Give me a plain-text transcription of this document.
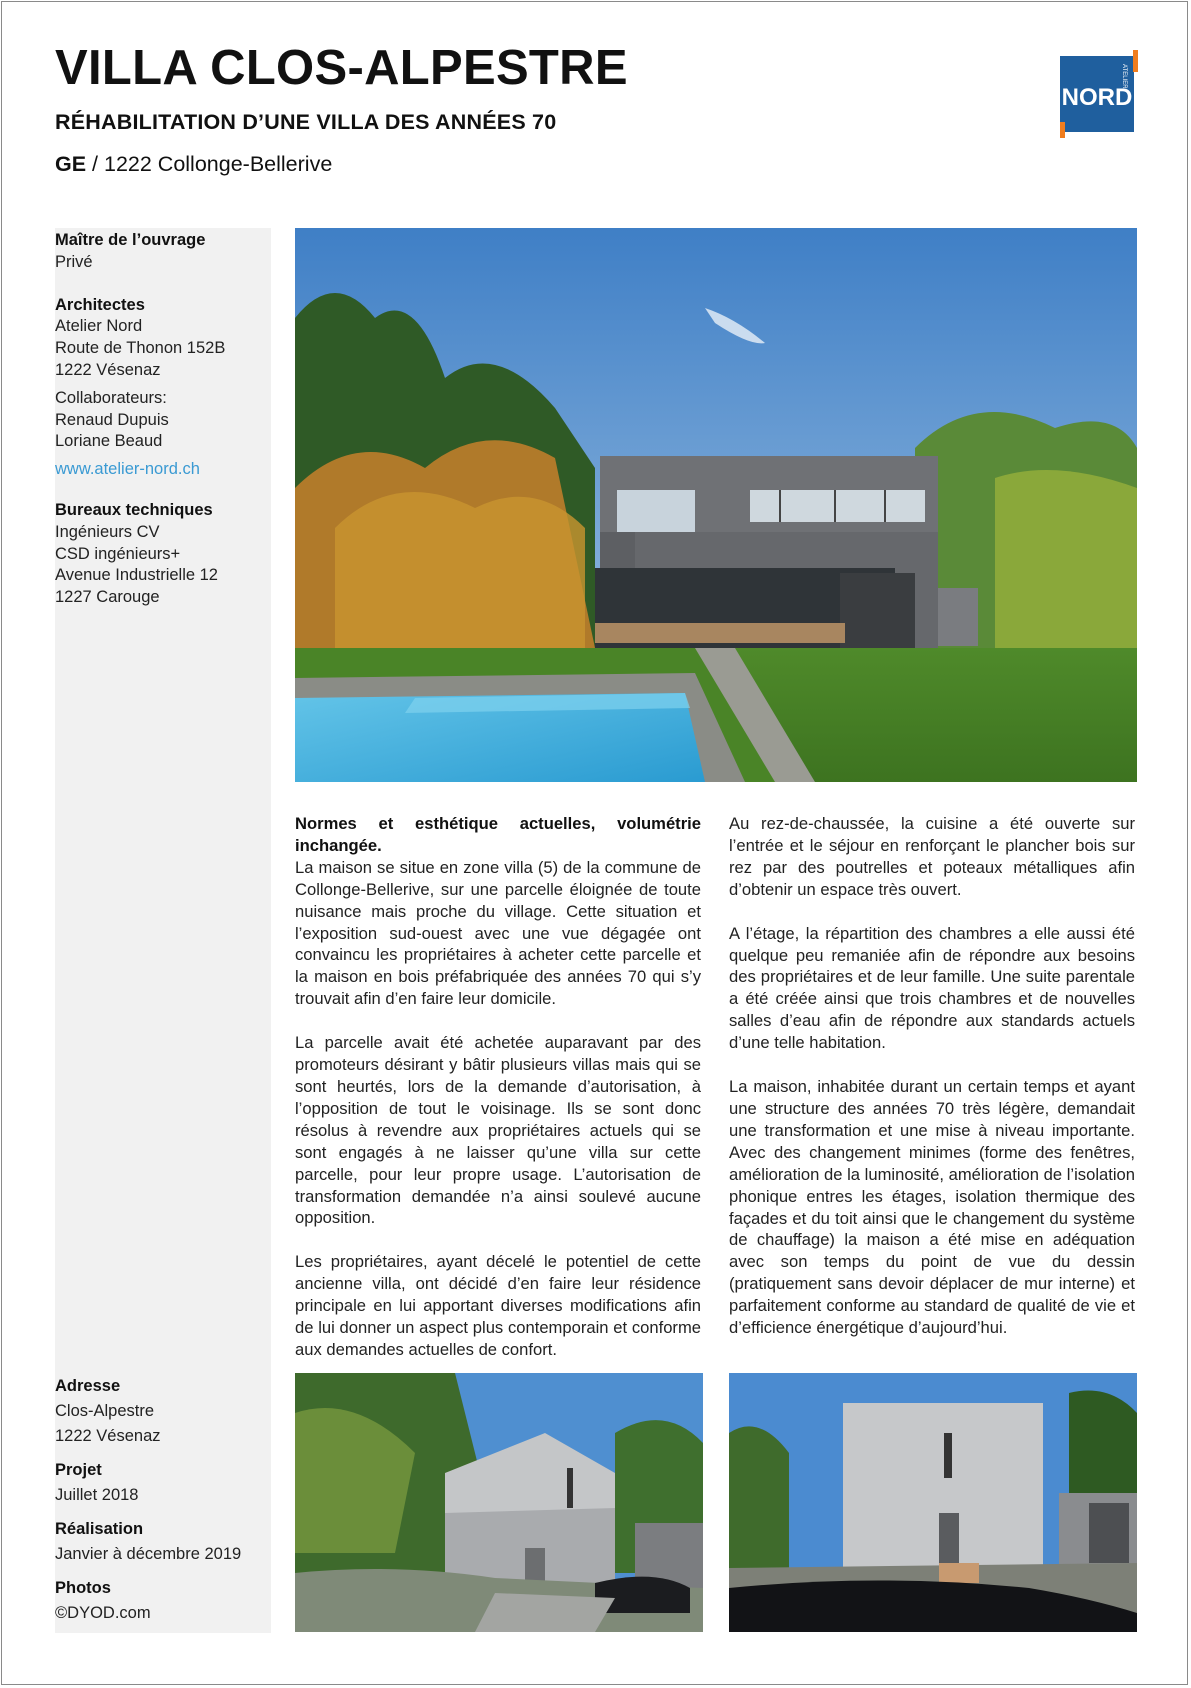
VILLA CLOS-ALPESTRE
RÉHABILITATION D’UNE VILLA DES ANNÉES 70
GE / 1222 Collonge-Bellerive
ATELIER
NORD
Maître de l’ouvrage
Privé
Architectes
Atelier Nord
Route de Thonon 152B
1222 Vésenaz
Collaborateurs:
Renaud Dupuis
Loriane Beaud
www.atelier-nord.ch
Bureaux techniques
Ingénieurs CV
CSD ingénieurs+
Avenue Industrielle 12
1227 Carouge
Adresse
Clos-Alpestre
1222 Vésenaz
Projet
Juillet 2018
Réalisation
Janvier à décembre 2019
Photos
©DYOD.com

Normes et esthétique actuelles, volumétrie inchangée.
La maison se situe en zone villa (5) de la commune de Collonge-Bellerive, sur une parcelle éloignée de toute nuisance mais proche du village. Cette situation et l’exposition sud-ouest avec une vue dégagée ont convaincu les propriétaires à acheter cette parcelle et la maison en bois préfabriquée des années 70 qui s’y trouvait afin d’en faire leur domicile.

La parcelle avait été achetée auparavant par des promoteurs désirant y bâtir plusieurs villas mais qui se sont heurtés, lors de la demande d’autorisation, à l’opposition de tout le voisinage. Ils se sont donc résolus à revendre aux propriétaires actuels qui se sont engagés à ne laisser qu’une villa sur cette parcelle, pour leur propre usage. L’autorisation de transformation demandée n’a ainsi soulevé aucune opposition.

Les propriétaires, ayant décelé le potentiel de cette ancienne villa, ont décidé d’en faire leur résidence principale en lui apportant diverses modifications afin de lui donner un aspect plus contemporain et conforme aux demandes actuelles de confort.

Au rez-de-chaussée, la cuisine a été ouverte sur l’entrée et le séjour en renforçant le plancher bois sur rez par des poutrelles et poteaux métalliques afin d’obtenir un espace très ouvert.

A l’étage, la répartition des chambres a elle aussi été quelque peu remaniée afin de répondre aux besoins des propriétaires et de leur famille. Une suite parentale a été créée ainsi que trois chambres et de nouvelles salles d’eau afin de répondre aux standards actuels d’une telle habitation.

La maison, inhabitée durant un certain temps et ayant une structure des années 70 très légère, demandait une transformation et une mise à niveau importante. Avec des changement minimes (forme des fenêtres, amélioration de la luminosité, amélioration de l’isolation phonique entres les étages, isolation thermique des façades et du toit ainsi que le changement du système de chauffage) la maison a été mise en adéquation avec son temps du point de vue du dessin (pratiquement sans devoir déplacer de mur interne) et parfaitement conforme au standard de qualité de vie et d’efficience énergétique d’aujourd’hui.
